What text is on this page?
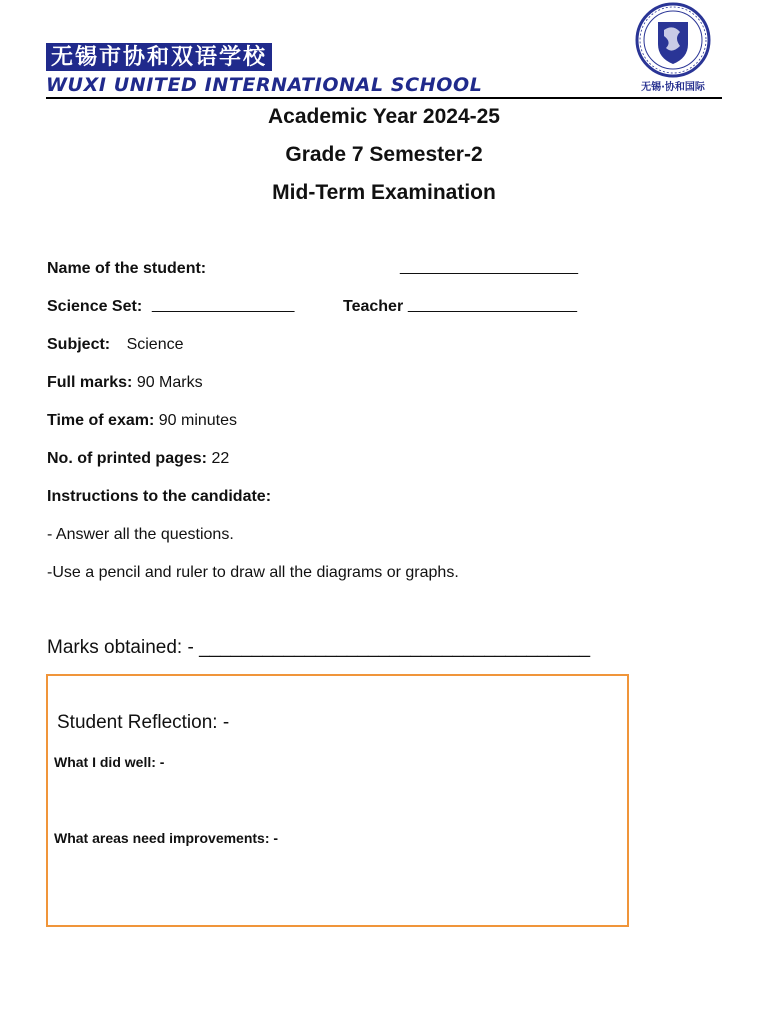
无锡市协和双语学校
WUXI UNITED INTERNATIONAL SCHOOL	无锡·协和国际
Academic Year 2024-25
Grade 7 Semester-2
Mid-Term Examination
Name of the student:	____________________
Science Set: ________________	Teacher ___________________
Subject: Science
Full marks: 90 Marks
Time of exam: 90 minutes
No. of printed pages: 22
Instructions to the candidate:
- Answer all the questions.
-Use a pencil and ruler to draw all the diagrams or graphs.
Marks obtained: - _____________________________________
Student Reflection: -
What I did well: -
What areas need improvements: -
